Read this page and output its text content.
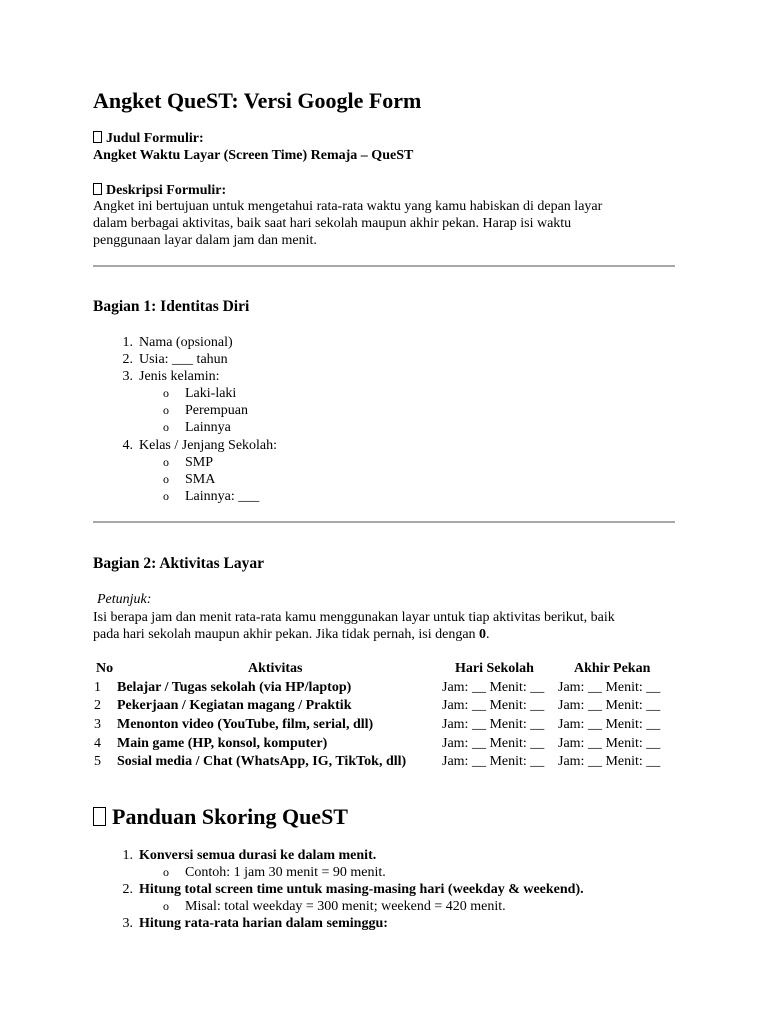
Angket QueST: Versi Google Form
Judul Formulir:
Angket Waktu Layar (Screen Time) Remaja – QueST
Deskripsi Formulir:
Angket ini bertujuan untuk mengetahui rata-rata waktu yang kamu habiskan di depan layar
dalam berbagai aktivitas, baik saat hari sekolah maupun akhir pekan. Harap isi waktu
penggunaan layar dalam jam dan menit.
Bagian 1: Identitas Diri
1. Nama (opsional)
2. Usia: ___ tahun
3. Jenis kelamin:
o Laki-laki
o Perempuan
o Lainnya
4. Kelas / Jenjang Sekolah:
o SMP
o SMA
o Lainnya: ___
Bagian 2: Aktivitas Layar
Petunjuk:
Isi berapa jam dan menit rata-rata kamu menggunakan layar untuk tiap aktivitas berikut, baik
pada hari sekolah maupun akhir pekan. Jika tidak pernah, isi dengan 0.
No	Aktivitas	Hari Sekolah	Akhir Pekan
1 Belajar / Tugas sekolah (via HP/laptop)	Jam: __ Menit: __ Jam: __ Menit: __
2 Pekerjaan / Kegiatan magang / Praktik	Jam: __ Menit: __ Jam: __ Menit: __
3 Menonton video (YouTube, film, serial, dll)	Jam: __ Menit: __ Jam: __ Menit: __
4 Main game (HP, konsol, komputer)	Jam: __ Menit: __ Jam: __ Menit: __
5 Sosial media / Chat (WhatsApp, IG, TikTok, dll)	Jam: __ Menit: __ Jam: __ Menit: __
Panduan Skoring QueST
1. Konversi semua durasi ke dalam menit.
o Contoh: 1 jam 30 menit = 90 menit.
2. Hitung total screen time untuk masing-masing hari (weekday & weekend).
o Misal: total weekday = 300 menit; weekend = 420 menit.
3. Hitung rata-rata harian dalam seminggu:
